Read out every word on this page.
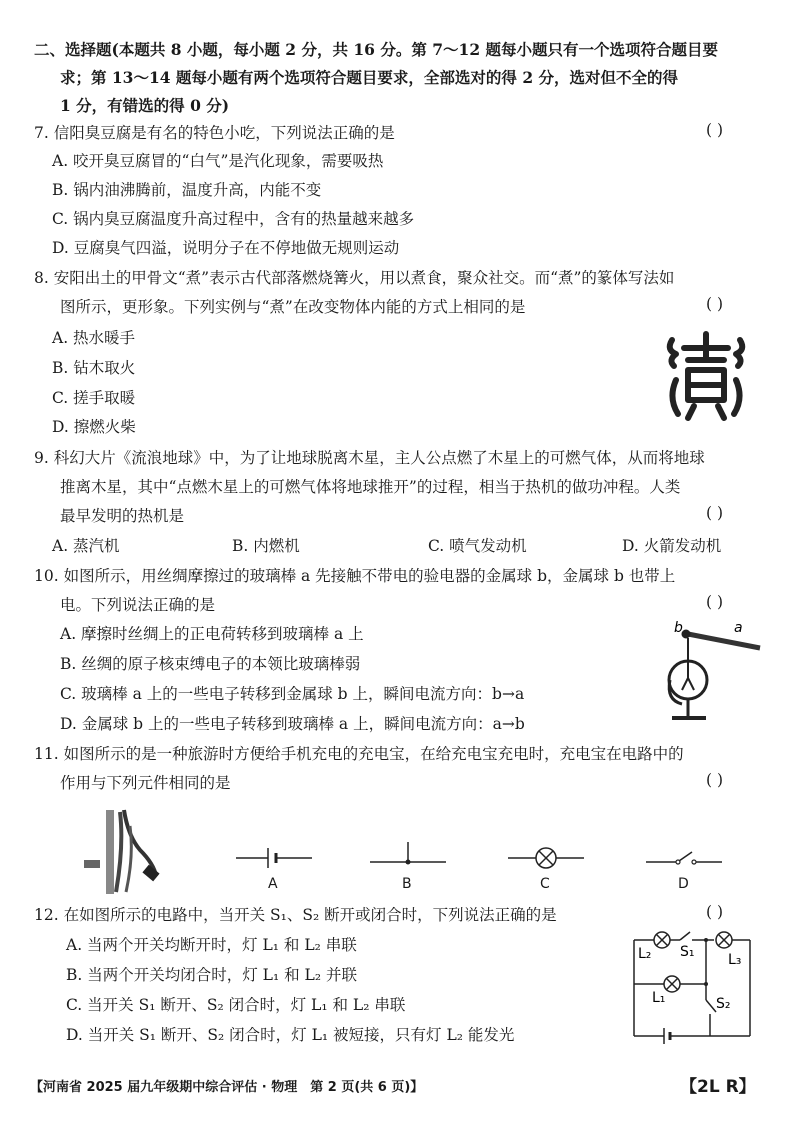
二、选择题(本题共 8 小题，每小题 2 分，共 16 分。第 7～12 题每小题只有一个选项符合题目要
求；第 13～14 题每小题有两个选项符合题目要求，全部选对的得 2 分，选对但不全的得
1 分，有错选的得 0 分)
7. 信阳臭豆腐是有名的特色小吃，下列说法正确的是	( )
A. 咬开臭豆腐冒的“白气”是汽化现象，需要吸热
B. 锅内油沸腾前，温度升高，内能不变
C. 锅内臭豆腐温度升高过程中，含有的热量越来越多
D. 豆腐臭气四溢，说明分子在不停地做无规则运动
8. 安阳出土的甲骨文“煮”表示古代部落燃烧篝火，用以煮食，聚众社交。而“煮”的篆体写法如
图所示，更形象。下列实例与“煮”在改变物体内能的方式上相同的是	( )
A. 热水暖手
B. 钻木取火
C. 搓手取暖
D. 擦燃火柴
9. 科幻大片《流浪地球》中，为了让地球脱离木星，主人公点燃了木星上的可燃气体，从而将地球
推离木星，其中“点燃木星上的可燃气体将地球推开”的过程，相当于热机的做功冲程。人类
最早发明的热机是	( )
A. 蒸汽机	B. 内燃机	C. 喷气发动机	D. 火箭发动机
10. 如图所示，用丝绸摩擦过的玻璃棒 a 先接触不带电的验电器的金属球 b，金属球 b 也带上
电。下列说法正确的是	( )
A. 摩擦时丝绸上的正电荷转移到玻璃棒 a 上
B. 丝绸的原子核束缚电子的本领比玻璃棒弱
C. 玻璃棒 a 上的一些电子转移到金属球 b 上，瞬间电流方向：b→a
D. 金属球 b 上的一些电子转移到玻璃棒 a 上，瞬间电流方向：a→b
b	a
11. 如图所示的是一种旅游时方便给手机充电的充电宝，在给充电宝充电时，充电宝在电路中的
作用与下列元件相同的是	( )
A	B	C	D
12. 在如图所示的电路中，当开关 S₁、S₂ 断开或闭合时，下列说法正确的是	( )
A. 当两个开关均断开时，灯 L₁ 和 L₂ 串联
B. 当两个开关均闭合时，灯 L₁ 和 L₂ 并联
C. 当开关 S₁ 断开、S₂ 闭合时，灯 L₁ 和 L₂ 串联
D. 当开关 S₁ 断开、S₂ 闭合时，灯 L₁ 被短接，只有灯 L₂ 能发光
L₂ S₁ L₃
L₁	S₂
【河南省 2025 届九年级期中综合评估 · 物理　第 2 页(共 6 页)】	【2L R】
